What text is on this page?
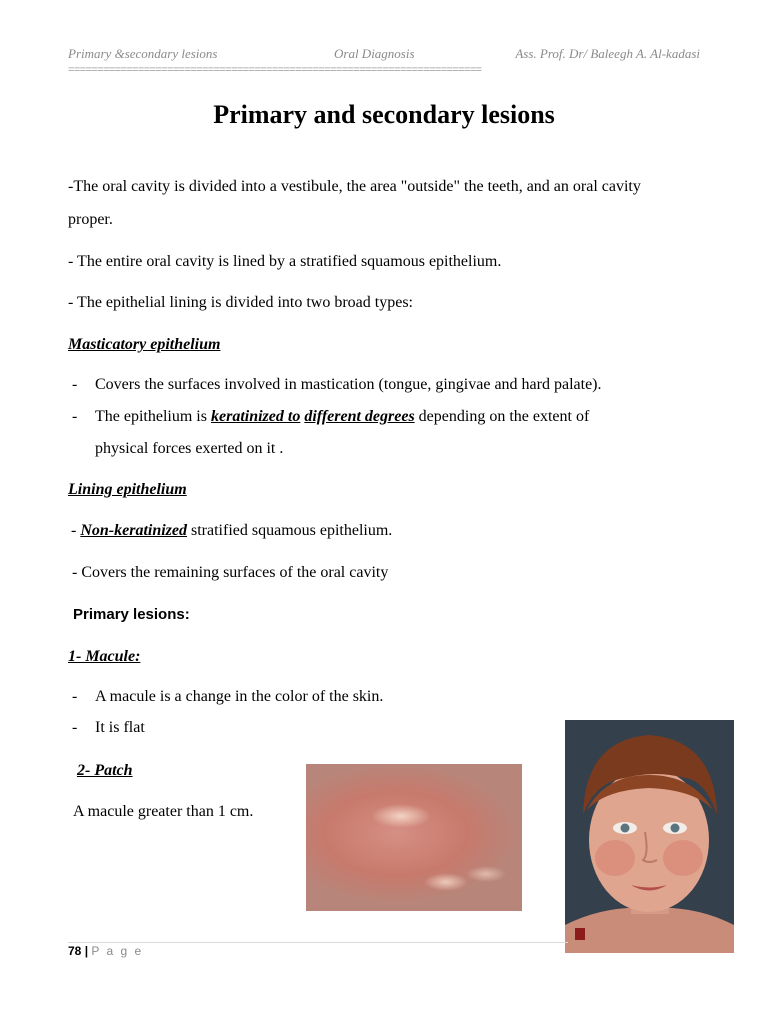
Primary &secondary lesions	Oral Diagnosis	Ass. Prof. Dr/ Baleegh A. Al-kadasi
=======================================================================
Primary and secondary lesions

-The oral cavity is divided into a vestibule, the area "outside" the teeth, and an oral cavity

proper.

- The entire oral cavity is lined by a stratified squamous epithelium.

- The epithelial lining is divided into two broad types:

Masticatory epithelium

- Covers the surfaces involved in mastication (tongue, gingivae and hard palate).
- The epithelium is keratinized to different degrees depending on the extent of
physical forces exerted on it .

Lining epithelium

- Non-keratinized stratified squamous epithelium.

- Covers the remaining surfaces of the oral cavity

Primary lesions:

1- Macule:

- A macule is a change in the color of the skin.
- It is flat

2- Patch

A macule greater than 1 cm.

78 | P a g e
